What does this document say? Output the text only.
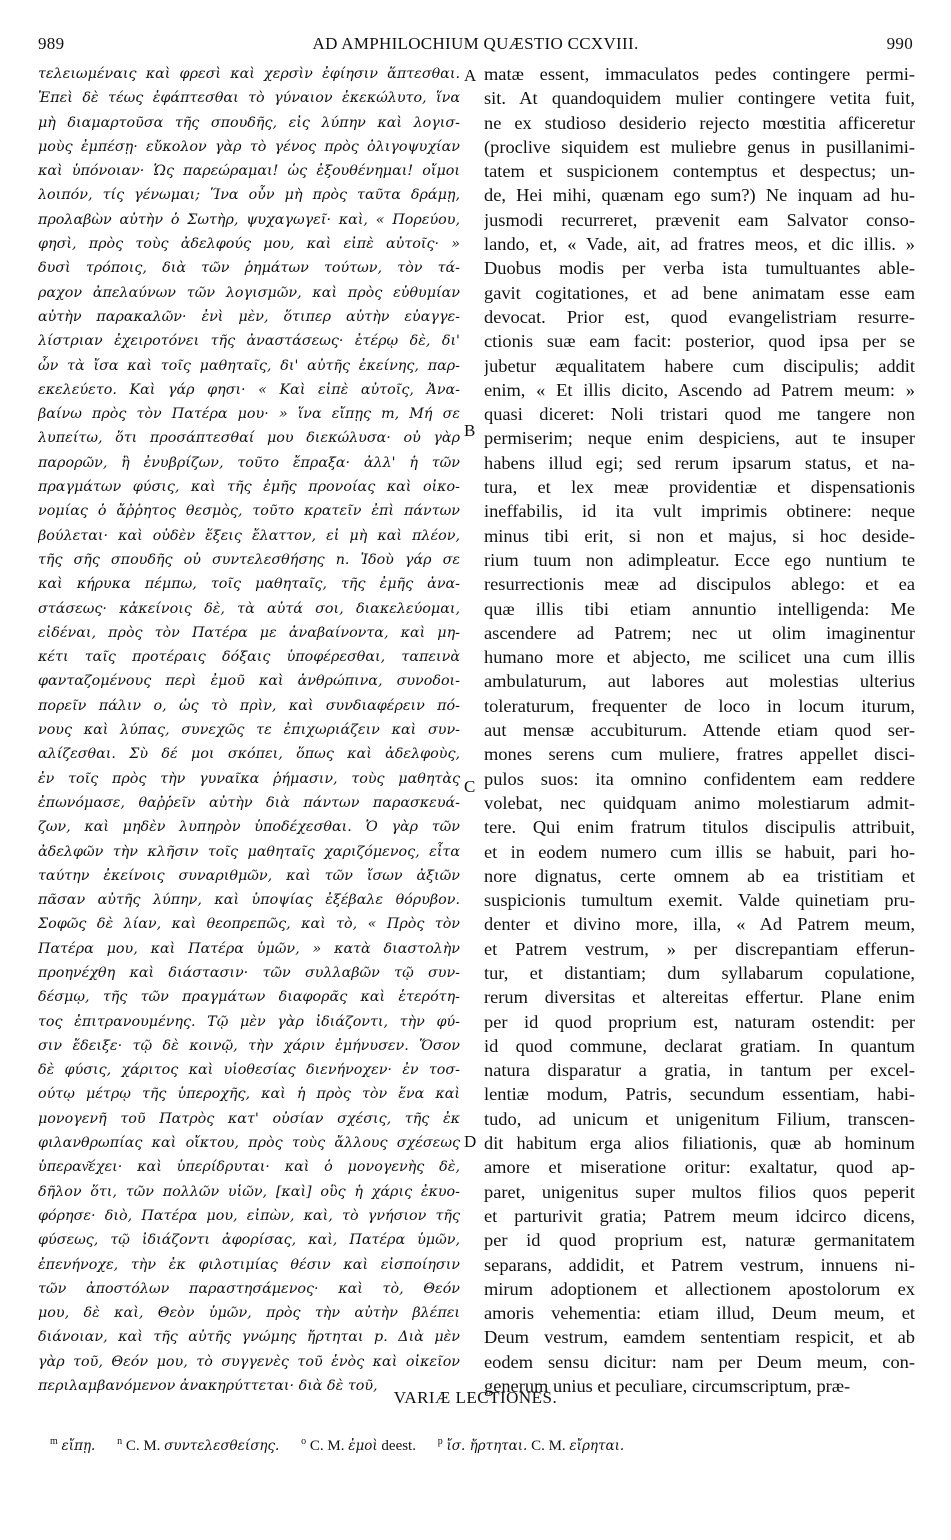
989	AD AMPHILOCHIUM QUÆSTIO CCXVIII.	990
τελειωμέναις καὶ φρεσὶ καὶ χερσὶν ἐφίησιν ἅπτεσθαι.
Ἐπεὶ δὲ τέως ἐφάπτεσθαι τὸ γύναιον ἐκεκώλυτο, ἵνα
μὴ διαμαρτοῦσα τῆς σπουδῆς, εἰς λύπην καὶ λογισ-
μοὺς ἐμπέσῃ· εὔκολον γὰρ τὸ γένος πρὸς ὀλιγοψυχίαν
καὶ ὑπόνοιαν· Ὡς παρεώραμαι! ὡς ἐξουθένημαι! οἴμοι
λοιπόν, τίς γένωμαι; Ἵνα οὖν μὴ πρὸς ταῦτα δράμῃ,
προλαβὼν αὐτὴν ὁ Σωτὴρ, ψυχαγωγεῖ· καὶ, « Πορεύου,
φησὶ, πρὸς τοὺς ἀδελφούς μου, καὶ εἰπὲ αὐτοῖς· »
δυσὶ τρόποις, διὰ τῶν ῥημάτων τούτων, τὸν τά-
ραχον ἀπελαύνων τῶν λογισμῶν, καὶ πρὸς εὐθυμίαν
αὐτὴν παρακαλῶν· ἐνὶ μὲν, ὅτιπερ αὐτὴν εὐαγγε-
λίστριαν ἐχειροτόνει τῆς ἀναστάσεως· ἑτέρῳ δὲ, δι'
ὧν τὰ ἴσα καὶ τοῖς μαθηταῖς, δι' αὐτῆς ἐκείνης, παρ-
εκελεύετο. Καὶ γάρ φησι· « Καὶ εἰπὲ αὐτοῖς, Ἀνα-
βαίνω πρὸς τὸν Πατέρα μου· » ἵνα εἴπῃς m, Μή σε
λυπείτω, ὅτι προσάπτεσθαί μου διεκώλυσα· οὐ γὰρ
παρορῶν, ἢ ἐνυβρίζων, τοῦτο ἔπραξα· ἀλλ' ἡ τῶν
πραγμάτων φύσις, καὶ τῆς ἐμῆς προνοίας καὶ οἰκο-
νομίας ὁ ἄῤῥητος θεσμὸς, τοῦτο κρατεῖν ἐπὶ πάντων
βούλεται· καὶ οὐδὲν ἕξεις ἔλαττον, εἰ μὴ καὶ πλέον,
τῆς σῆς σπουδῆς οὐ συντελεσθήσης n. Ἰδοὺ γάρ σε
καὶ κήρυκα πέμπω, τοῖς μαθηταῖς, τῆς ἐμῆς ἀνα-
στάσεως· κἀκείνοις δὲ, τὰ αὐτά σοι, διακελεύομαι,
εἰδέναι, πρὸς τὸν Πατέρα με ἀναβαίνοντα, καὶ μη-
κέτι ταῖς προτέραις δόξαις ὑποφέρεσθαι, ταπεινὰ
φανταζομένους περὶ ἐμοῦ καὶ ἀνθρώπινα, συνοδοι-
πορεῖν πάλιν o, ὡς τὸ πρὶν, καὶ συνδιαφέρειν πό-
νους καὶ λύπας, συνεχῶς τε ἐπιχωριάζειν καὶ συν-
αλίζεσθαι. Σὺ δέ μοι σκόπει, ὅπως καὶ ἀδελφοὺς,
ἐν τοῖς πρὸς τὴν γυναῖκα ῥήμασιν, τοὺς μαθητὰς
ἐπωνόμασε, θαῤῥεῖν αὐτὴν διὰ πάντων παρασκευά-
ζων, καὶ μηδὲν λυπηρὸν ὑποδέχεσθαι. Ὁ γὰρ τῶν
ἀδελφῶν τὴν κλῆσιν τοῖς μαθηταῖς χαριζόμενος, εἶτα
ταύτην ἐκείνοις συναριθμῶν, καὶ τῶν ἴσων ἀξιῶν
πᾶσαν αὐτῆς λύπην, καὶ ὑποψίας ἐξέβαλε θόρυβον.
Σοφῶς δὲ λίαν, καὶ θεοπρεπῶς, καὶ τὸ, « Πρὸς τὸν
Πατέρα μου, καὶ Πατέρα ὑμῶν, » κατὰ διαστολὴν
προηνέχθη καὶ διάστασιν· τῶν συλλαβῶν τῷ συν-
δέσμῳ, τῆς τῶν πραγμάτων διαφορᾶς καὶ ἑτερότη-
τος ἐπιτρανουμένης. Τῷ μὲν γὰρ ἰδιάζοντι, τὴν φύ-
σιν ἔδειξε· τῷ δὲ κοινῷ, τὴν χάριν ἐμήνυσεν. Ὅσον
δὲ φύσις, χάριτος καὶ υἱοθεσίας διενήνοχεν· ἐν τοσ-
ούτῳ μέτρῳ τῆς ὑπεροχῆς, καὶ ἡ πρὸς τὸν ἕνα καὶ
μονογενῆ τοῦ Πατρὸς κατ' οὐσίαν σχέσις, τῆς ἐκ
φιλανθρωπίας καὶ οἴκτου, πρὸς τοὺς ἄλλους σχέσεως
ὑπεραν͂έχει· καὶ ὑπερίδρυται· καὶ ὁ μονογενὴς δὲ,
δῆλον ὅτι, τῶν πολλῶν υἱῶν, [καὶ] οὓς ἡ χάρις ἐκυο-
φόρησε· διὸ, Πατέρα μου, εἰπὼν, καὶ, τὸ γνήσιον τῆς
φύσεως, τῷ ἰδιάζοντι ἀφορίσας, καὶ, Πατέρα ὑμῶν,
ἐπενήνοχε, τὴν ἐκ φιλοτιμίας θέσιν καὶ εἰσποίησιν
τῶν ἀποστόλων παραστησάμενος· καὶ τὸ, Θεόν
μου, δὲ καὶ, Θεὸν ὑμῶν, πρὸς τὴν αὐτὴν βλέπει
διάνοιαν, καὶ τῆς αὐτῆς γνώμης ἤρτηται p. Διὰ μὲν
γὰρ τοῦ, Θεόν μου, τὸ συγγενὲς τοῦ ἑνὸς καὶ οἰκεῖον
περιλαμβανόμενον ἀνακηρύττεται· διὰ δὲ τοῦ,
matæ essent, immaculatos pedes contingere permi-
sit. At quandoquidem mulier contingere vetita fuit,
ne ex studioso desiderio rejecto mœstitia afficeretur
(proclive siquidem est muliebre genus in pusillanimi-
tatem et suspicionem contemptus et despectus; un-
de, Hei mihi, quænam ego sum?) Ne inquam ad hu-
jusmodi recurreret, prævenit eam Salvator conso-
lando, et, « Vade, ait, ad fratres meos, et dic illis. »
Duobus modis per verba ista tumultuantes able-
gavit cogitationes, et ad bene animatam esse eam
devocat. Prior est, quod evangelistriam resurre-
ctionis suæ eam facit: posterior, quod ipsa per se
jubetur æqualitatem habere cum discipulis; addit
enim, « Et illis dicito, Ascendo ad Patrem meum: »
quasi diceret: Noli tristari quod me tangere non
permiserim; neque enim despiciens, aut te insuper
habens illud egi; sed rerum ipsarum status, et na-
tura, et lex meæ providentiæ et dispensationis
ineffabilis, id ita vult imprimis obtinere: neque
minus tibi erit, si non et majus, si hoc deside-
rium tuum non adimpleatur. Ecce ego nuntium te
resurrectionis meæ ad discipulos ablego: et ea
quæ illis tibi etiam annuntio intelligenda: Me
ascendere ad Patrem; nec ut olim imaginentur
humano more et abjecto, me scilicet una cum illis
ambulaturum, aut labores aut molestias ulterius
toleraturum, frequenter de loco in locum iturum,
aut mensæ accubiturum. Attende etiam quod ser-
mones serens cum muliere, fratres appellet disci-
pulos suos: ita omnino confidentem eam reddere
volebat, nec quidquam animo molestiarum admit-
tere. Qui enim fratrum titulos discipulis attribuit,
et in eodem numero cum illis se habuit, pari ho-
nore dignatus, certe omnem ab ea tristitiam et
suspicionis tumultum exemit. Valde quinetiam pru-
denter et divino more, illa, « Ad Patrem meum,
et Patrem vestrum, » per discrepantiam efferun-
tur, et distantiam; dum syllabarum copulatione,
rerum diversitas et altereitas effertur. Plane enim
per id quod proprium est, naturam ostendit: per
id quod commune, declarat gratiam. In quantum
natura disparatur a gratia, in tantum per excel-
lentiæ modum, Patris, secundum essentiam, habi-
tudo, ad unicum et unigenitum Filium, transcen-
dit habitum erga alios filiationis, quæ ab hominum
amore et miseratione oritur: exaltatur, quod ap-
paret, unigenitus super multos filios quos peperit
et parturivit gratia; Patrem meum idcirco dicens,
per id quod proprium est, naturæ germanitatem
separans, addidit, et Patrem vestrum, innuens ni-
mirum adoptionem et allectionem apostolorum ex
amoris vehementia: etiam illud, Deum meum, et
Deum vestrum, eamdem sententiam respicit, et ab
eodem sensu dicitur: nam per Deum meum, con-
generum unius et peculiare, circumscriptum, præ-
A
B
C
D
VARIÆ LECTIONES.
$^m$ εἴπῃ. $^n$ C. M. συντελεσθείσης. $^o$ C. M. ἐμοὶ deest. $^p$ ἴσ. ἤρτηται. C. M. εἴρηται.
